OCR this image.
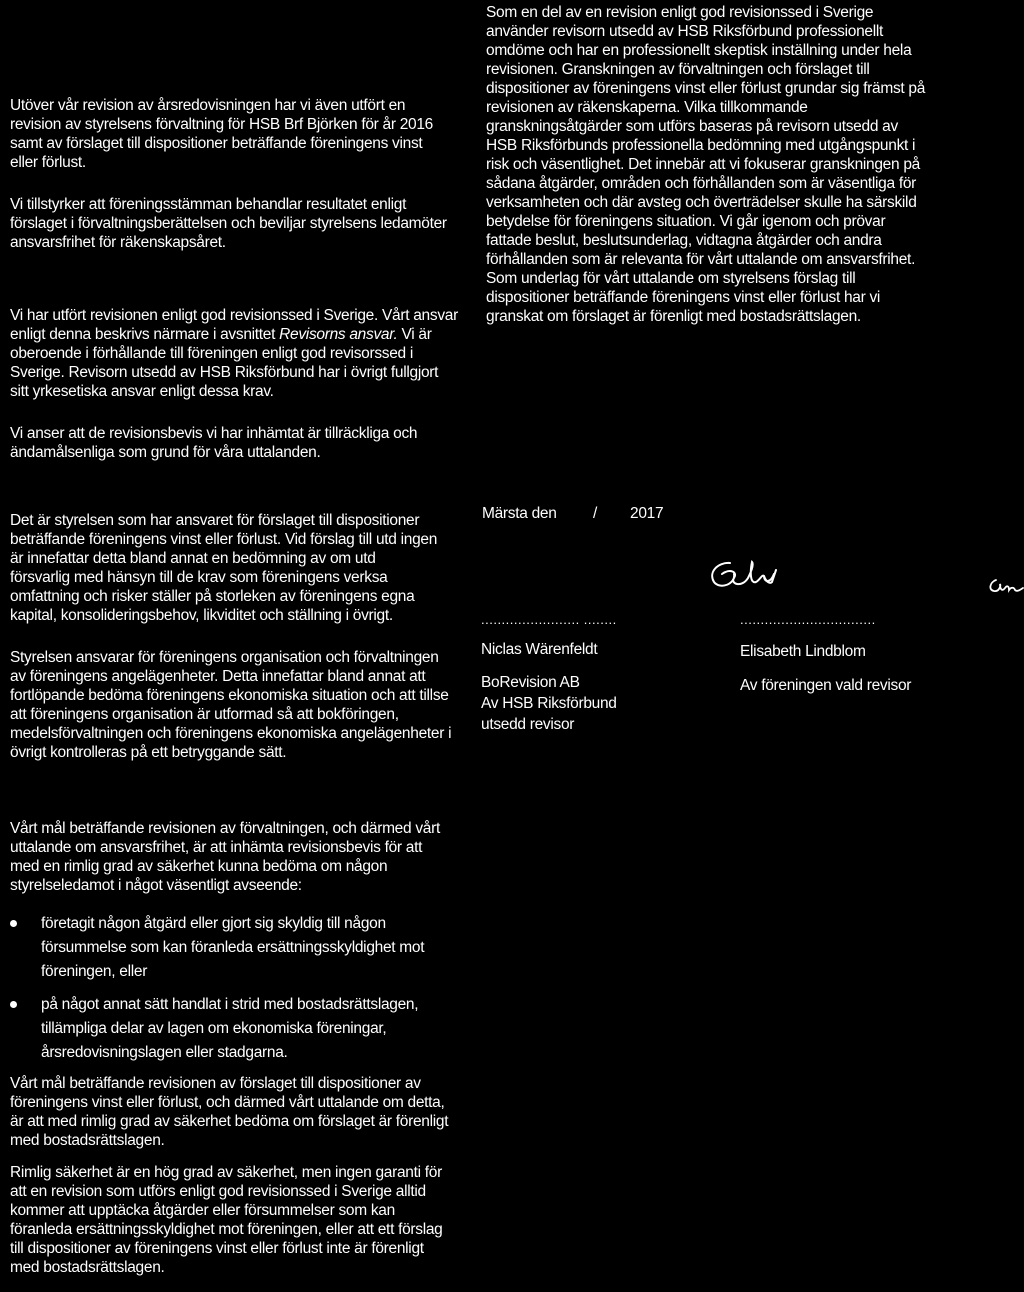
Utöver vår revision av årsredovisningen har vi även utfört en revision av styrelsens förvaltning för HSB Brf Björken för år 2016 samt av förslaget till dispositioner beträffande föreningens vinst eller förlust.

Vi tillstyrker att föreningsstämman behandlar resultatet enligt förslaget i förvaltningsberättelsen och beviljar styrelsens ledamöter ansvarsfrihet för räkenskapsåret.

Vi har utfört revisionen enligt god revisionssed i Sverige. Vårt ansvar enligt denna beskrivs närmare i avsnittet Revisorns ansvar. Vi är oberoende i förhållande till föreningen enligt god revisorssed i Sverige. Revisorn utsedd av HSB Riksförbund har i övrigt fullgjort sitt yrkesetiska ansvar enligt dessa krav.

Vi anser att de revisionsbevis vi har inhämtat är tillräckliga och ändamålsenliga som grund för våra uttalanden.

Det är styrelsen som har ansvaret för förslaget till dispositioner beträffande föreningens vinst eller förlust. Vid förslag till utd ingen är innefattar detta bland annat en bedömning av om utd försvarlig med hänsyn till de krav som föreningens verksa omfattning och risker ställer på storleken av föreningens egna kapital, konsolideringsbehov, likviditet och ställning i övrigt.

Styrelsen ansvarar för föreningens organisation och förvaltningen av föreningens angelägenheter. Detta innefattar bland annat att fortlöpande bedöma föreningens ekonomiska situation och att tillse att föreningens organisation är utformad så att bokföringen, medelsförvaltningen och föreningens ekonomiska angelägenheter i övrigt kontrolleras på ett betryggande sätt.

Vårt mål beträffande revisionen av förvaltningen, och därmed vårt uttalande om ansvarsfrihet, är att inhämta revisionsbevis för att med en rimlig grad av säkerhet kunna bedöma om någon styrelseledamot i något väsentligt avseende:

företagit någon åtgärd eller gjort sig skyldig till någon försummelse som kan föranleda ersättningsskyldighet mot föreningen, eller
på något annat sätt handlat i strid med bostadsrättslagen, tillämpliga delar av lagen om ekonomiska föreningar, årsredovisningslagen eller stadgarna.

Vårt mål beträffande revisionen av förslaget till dispositioner av föreningens vinst eller förlust, och därmed vårt uttalande om detta, är att med rimlig grad av säkerhet bedöma om förslaget är förenligt med bostadsrättslagen.

Rimlig säkerhet är en hög grad av säkerhet, men ingen garanti för att en revision som utförs enligt god revisionssed i Sverige alltid kommer att upptäcka åtgärder eller försummelser som kan föranleda ersättningsskyldighet mot föreningen, eller att ett förslag till dispositioner av föreningens vinst eller förlust inte är förenligt med bostadsrättslagen.

Som en del av en revision enligt god revisionssed i Sverige använder revisorn utsedd av HSB Riksförbund professionellt omdöme och har en professionellt skeptisk inställning under hela revisionen. Granskningen av förvaltningen och förslaget till dispositioner av föreningens vinst eller förlust grundar sig främst på revisionen av räkenskaperna. Vilka tillkommande granskningsåtgärder som utförs baseras på revisorn utsedd av HSB Riksförbunds professionella bedömning med utgångspunkt i risk och väsentlighet. Det innebär att vi fokuserar granskningen på sådana åtgärder, områden och förhållanden som är väsentliga för verksamheten och där avsteg och överträdelser skulle ha särskild betydelse för föreningens situation. Vi går igenom och prövar fattade beslut, beslutsunderlag, vidtagna åtgärder och andra förhållanden som är relevanta för vårt uttalande om ansvarsfrihet. Som underlag för vårt uttalande om styrelsens förslag till dispositioner beträffande föreningens vinst eller förlust har vi granskat om förslaget är förenligt med bostadsrättslagen.

Märsta den / 2017
........................ ........	.................................
Niclas Wärenfeldt
BoRevision AB
Av HSB Riksförbund
utsedd revisor
Elisabeth Lindblom
Av föreningen vald revisor
